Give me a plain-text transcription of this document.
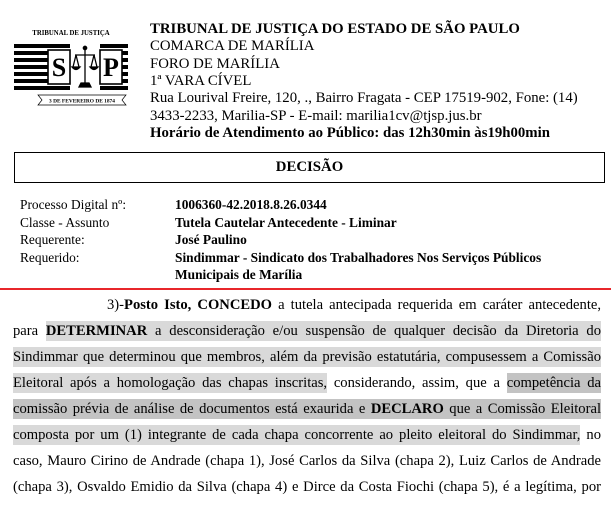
TRIBUNAL DE JUSTIÇA
S P
3 DE FEVEREIRO DE 1874
TRIBUNAL DE JUSTIÇA DO ESTADO DE SÃO PAULO
COMARCA DE MARÍLIA
FORO DE MARÍLIA
1ª VARA CÍVEL
Rua Lourival Freire, 120, ., Bairro Fragata - CEP 17519-902, Fone: (14)
3433-2233, Marilia-SP - E-mail: marilia1cv@tjsp.jus.br
Horário de Atendimento ao Público: das 12h30min às19h00min
DECISÃO
Processo Digital nº:	1006360-42.2018.8.26.0344
Classe - Assunto	Tutela Cautelar Antecedente - Liminar
Requerente:	José Paulino
Requerido:	Sindimmar - Sindicato dos Trabalhadores Nos Serviços Públicos Municipais de Marília
3)-Posto Isto, CONCEDO a tutela antecipada requerida em caráter antecedente,
para DETERMINAR a desconsideração e/ou suspensão de qualquer decisão da Diretoria do
Sindimmar que determinou que membros, além da previsão estatutária, compusessem a Comissão
Eleitoral após a homologação das chapas inscritas, considerando, assim, que a competência da
comissão prévia de análise de documentos está exaurida e DECLARO que a Comissão Eleitoral
composta por um (1) integrante de cada chapa concorrente ao pleito eleitoral do Sindimmar, no
caso, Mauro Cirino de Andrade (chapa 1), José Carlos da Silva (chapa 2), Luiz Carlos de Andrade
(chapa 3), Osvaldo Emidio da Silva (chapa 4) e Dirce da Costa Fiochi (chapa 5), é a legítima, por
